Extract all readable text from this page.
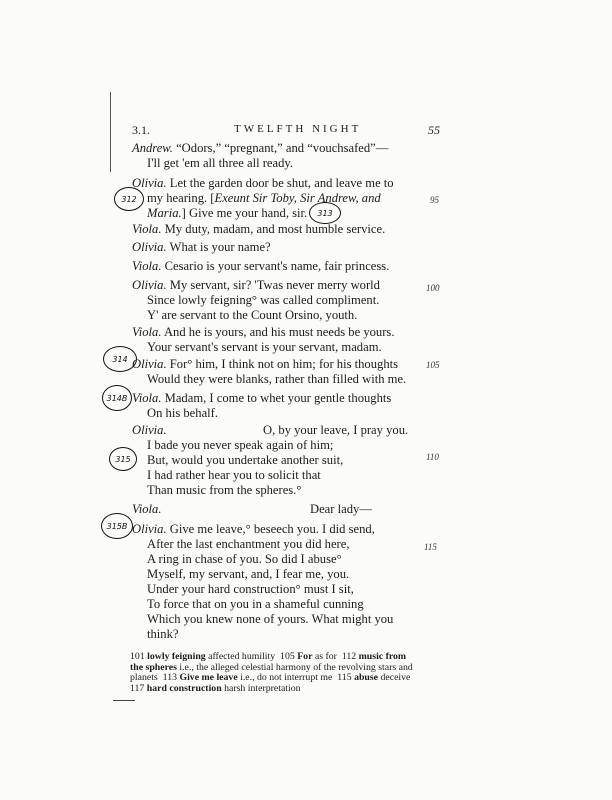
3.1.	TWELFTH NIGHT	55
Andrew. “Odors,” “pregnant,” and “vouchsafed”—
I'll get 'em all three all ready.
Olivia. Let the garden door be shut, and leave me to
my hearing. [Exeunt Sir Toby, Sir Andrew, and
Maria.] Give me your hand, sir.
Viola. My duty, madam, and most humble service.
Olivia. What is your name?
Viola. Cesario is your servant's name, fair princess.
Olivia. My servant, sir? 'Twas never merry world
Since lowly feigning° was called compliment.
Y' are servant to the Count Orsino, youth.
Viola. And he is yours, and his must needs be yours.
Your servant's servant is your servant, madam.
Olivia. For° him, I think not on him; for his thoughts
Would they were blanks, rather than filled with me.
Viola. Madam, I come to whet your gentle thoughts
On his behalf.
Olivia.	O, by your leave, I pray you.
I bade you never speak again of him;
But, would you undertake another suit,
I had rather hear you to solicit that
Than music from the spheres.°
Viola.	Dear lady—
Olivia. Give me leave,° beseech you. I did send,
After the last enchantment you did here,
A ring in chase of you. So did I abuse°
Myself, my servant, and, I fear me, you.
Under your hard construction° must I sit,
To force that on you in a shameful cunning
Which you knew none of yours. What might you
think?
95
100
105
110
115
101 lowly feigning affected humility 105 For as for 112 music from the spheres i.e., the alleged celestial harmony of the revolving stars and planets 113 Give me leave i.e., do not interrupt me 115 abuse deceive  117 hard construction harsh interpretation
312
313
314
314B
315
315B
